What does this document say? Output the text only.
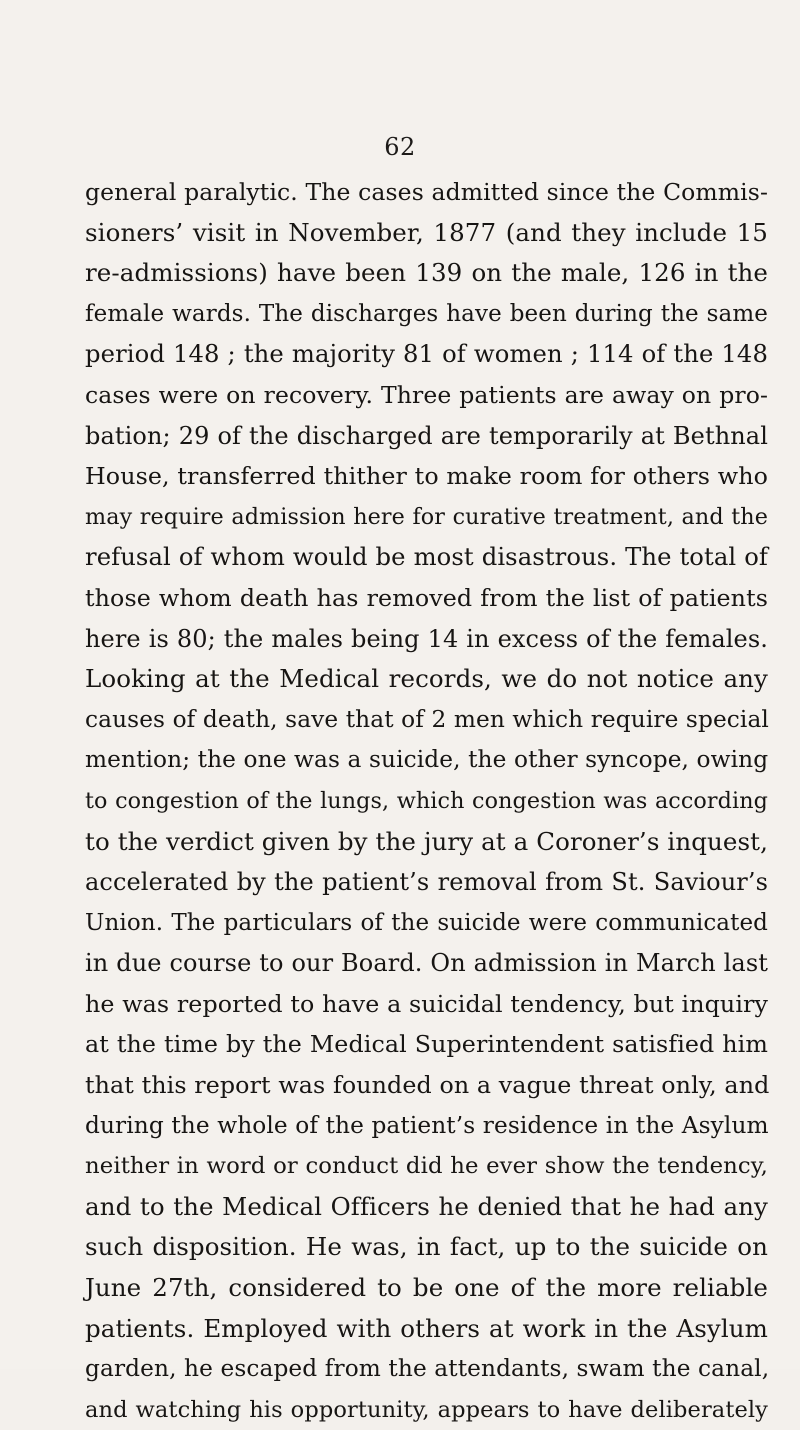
62
general paralytic. The cases admitted since the Commis-
sioners’ visit in November, 1877 (and they include 15
re-admissions) have been 139 on the male, 126 in the
female wards. The discharges have been during the same
period 148 ; the majority 81 of women ; 114 of the 148
cases were on recovery. Three patients are away on pro-
bation; 29 of the discharged are temporarily at Bethnal
House, transferred thither to make room for others who
may require admission here for curative treatment, and the
refusal of whom would be most disastrous. The total of
those whom death has removed from the list of patients
here is 80; the males being 14 in excess of the females.
Looking at the Medical records, we do not notice any
causes of death, save that of 2 men which require special
mention; the one was a suicide, the other syncope, owing
to congestion of the lungs, which congestion was according
to the verdict given by the jury at a Coroner’s inquest,
accelerated by the patient’s removal from St. Saviour’s
Union. The particulars of the suicide were communicated
in due course to our Board. On admission in March last
he was reported to have a suicidal tendency, but inquiry
at the time by the Medical Superintendent satisfied him
that this report was founded on a vague threat only, and
during the whole of the patient’s residence in the Asylum
neither in word or conduct did he ever show the tendency,
and to the Medical Officers he denied that he had any
such disposition. He was, in fact, up to the suicide on
June 27th, considered to be one of the more reliable
patients. Employed with others at work in the Asylum
garden, he escaped from the attendants, swam the canal,
and watching his opportunity, appears to have deliberately
